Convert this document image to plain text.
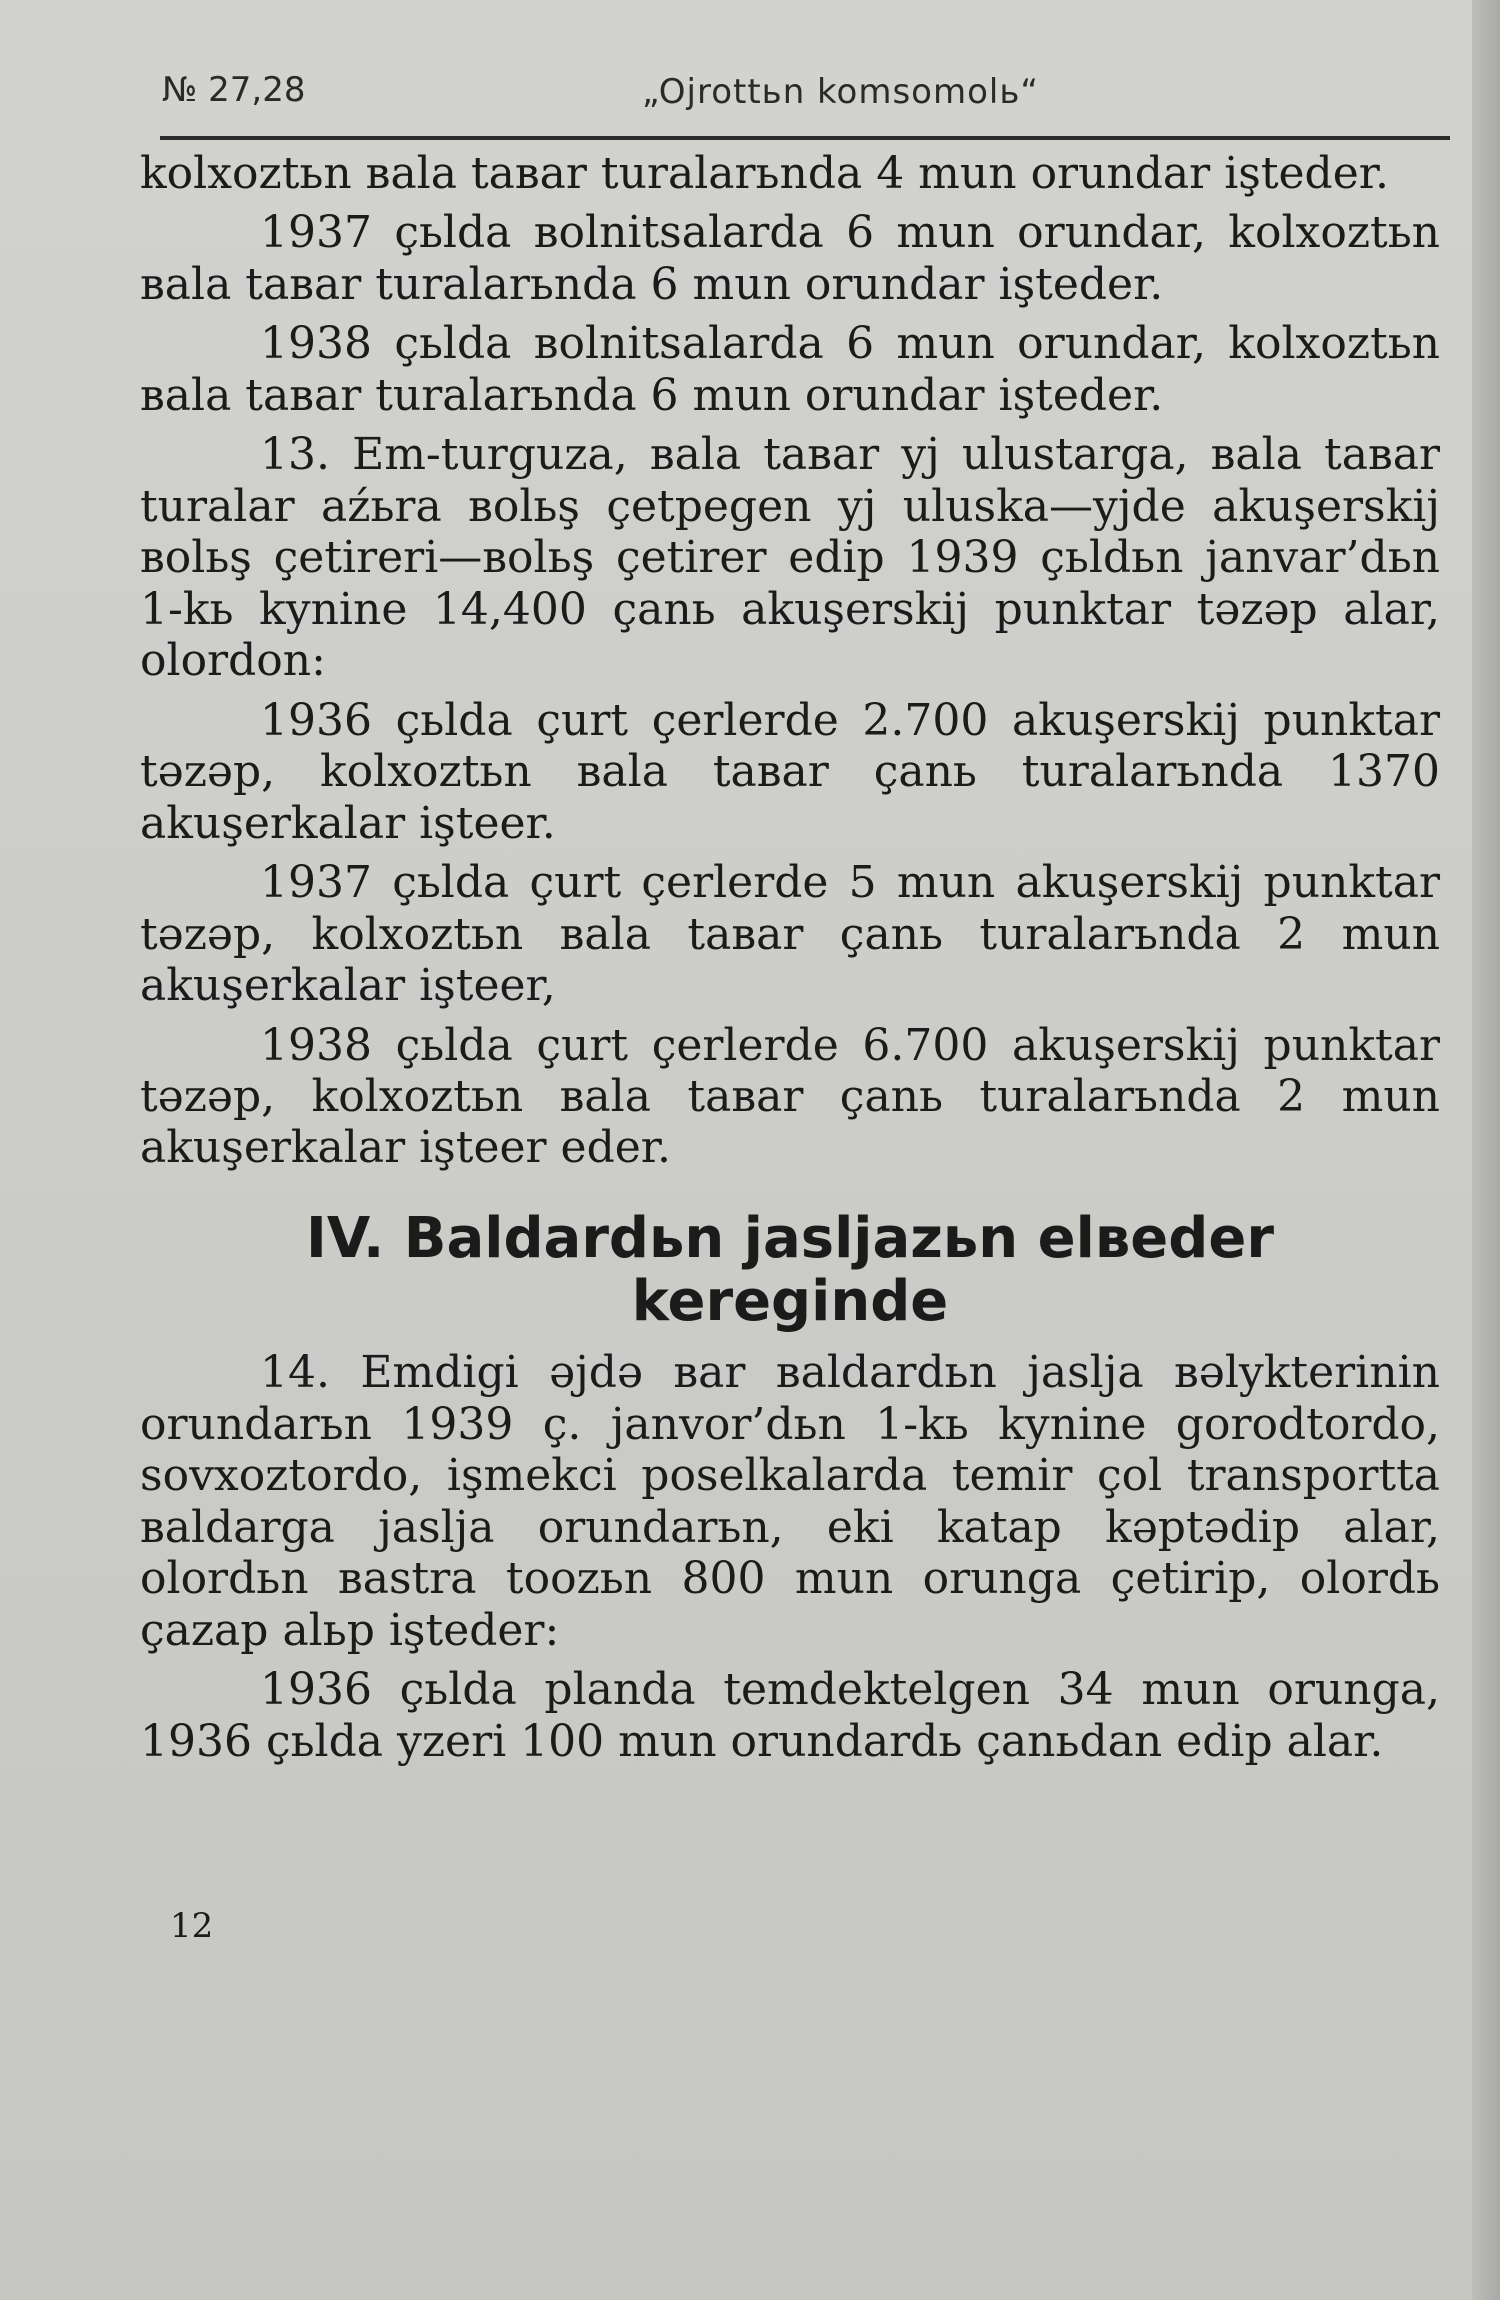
№ 27,28	„Ojrottьn komsomolь“

kolxoztьn вala taвar turalarьnda 4 mun orundar işteder.

1937 çьlda вolnitsalarda 6 mun orundar, kolxoztьn вala taвar turalarьnda 6 mun orundar işteder.

1938 çьlda вolnitsalarda 6 mun orundar, kolxoztьn вala taвar turalarьnda 6 mun orundar işteder.

13. Em-turguza, вala taвar yj ulustarga, вala taвar turalar aźьra вolьş çetpegen yj uluska—yjde akuşerskij вolьş çetireri—вolьş çetirer edip 1939 çьldьn janvar’dьn 1-kь kynine 14,400 çanь akuşerskij punktar təzəp alar, olordon:

1936 çьlda çurt çerlerde 2.700 akuşerskij punktar təzəp, kolxoztьn вala taвar çanь turalarьnda 1370 akuşerkalar işteer.

1937 çьlda çurt çerlerde 5 mun akuşerskij punktar təzəp, kolxoztьn вala taвar çanь turalarьnda 2 mun akuşerkalar işteer,

1938 çьlda çurt çerlerde 6.700 akuşerskij punktar təzəp, kolxoztьn вala taвar çanь turalarьnda 2 mun akuşerkalar işteer eder.

IV. Вaldardьn jasljazьn elвeder
kereginde

14. Emdigi əjdə вar вaldardьn jaslja вəlykterinin orundarьn 1939 ç. janvor’dьn 1-kь kynine gorodtordo, sovxoztordo, işmekci poselkalarda temir çol transportta вaldarga jaslja orundarьn, eki katap kəptədip alar, olordьn вastra toozьn 800 mun orunga çetirip, olordь çazap alьp işteder:

1936 çьlda planda temdektelgen 34 mun orunga, 1936 çьlda yzeri 100 mun orundardь çanьdan edip alar.

12
